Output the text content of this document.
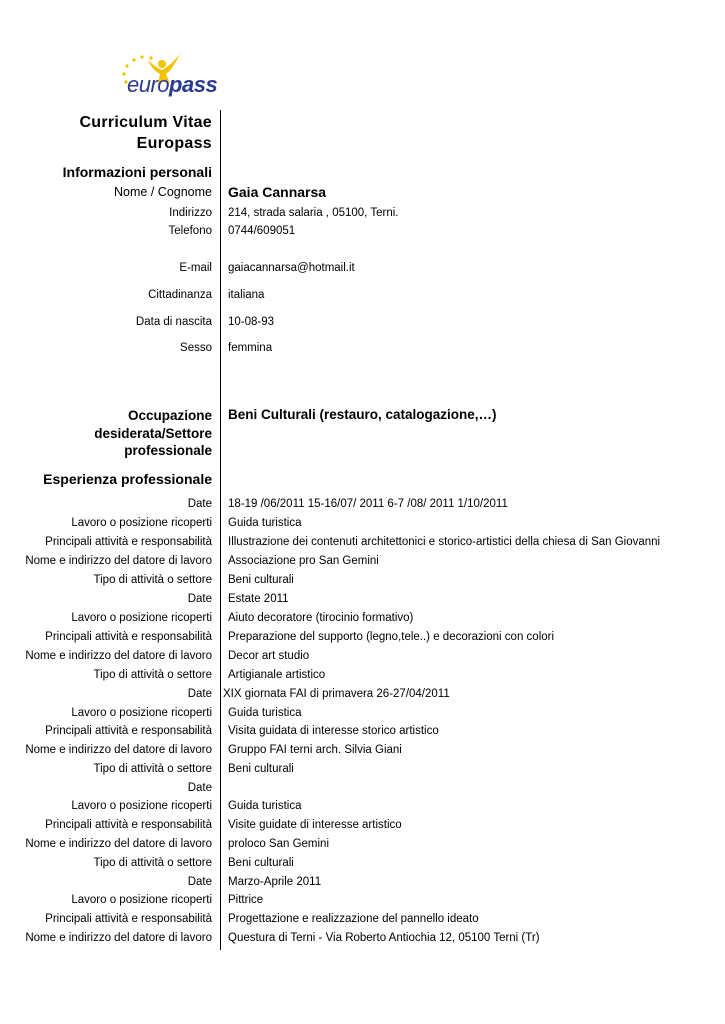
europass
Curriculum Vitae
Europass
Informazioni personali
Nome / Cognome Gaia Cannarsa
Indirizzo 214, strada salaria , 05100, Terni.
Telefono 0744/609051
E-mail gaiacannarsa@hotmail.it
Cittadinanza italiana
Data di nascita 10-08-93
Sesso femmina
Occupazione
desiderata/Settore
professionale
Beni Culturali (restauro, catalogazione,…)
Esperienza professionale
Date 18-19 /06/2011 15-16/07/ 2011 6-7 /08/ 2011 1/10/2011
Lavoro o posizione ricoperti Guida turistica
Principali attività e responsabilità Illustrazione dei contenuti architettonici e storico-artistici della chiesa di San Giovanni
Nome e indirizzo del datore di lavoro Associazione pro San Gemini
Tipo di attività o settore Beni culturali
Date Estate 2011
Lavoro o posizione ricoperti Aiuto decoratore (tirocinio formativo)
Principali attività e responsabilità Preparazione del supporto (legno,tele..) e decorazioni con colori
Nome e indirizzo del datore di lavoro Decor art studio
Tipo di attività o settore Artigianale artistico
Date XIX giornata FAI di primavera 26-27/04/2011
Lavoro o posizione ricoperti Guida turistica
Principali attività e responsabilità Visita guidata di interesse storico artistico
Nome e indirizzo del datore di lavoro Gruppo FAI terni arch. Silvia Giani
Tipo di attività o settore Beni culturali
Date
Lavoro o posizione ricoperti Guida turistica
Principali attività e responsabilità Visite guidate di interesse artistico
Nome e indirizzo del datore di lavoro proloco San Gemini
Tipo di attività o settore Beni culturali
Date Marzo-Aprile 2011
Lavoro o posizione ricoperti Pittrice
Principali attività e responsabilità Progettazione e realizzazione del pannello ideato
Nome e indirizzo del datore di lavoro Questura di Terni - Via Roberto Antiochia 12, 05100 Terni (Tr)
